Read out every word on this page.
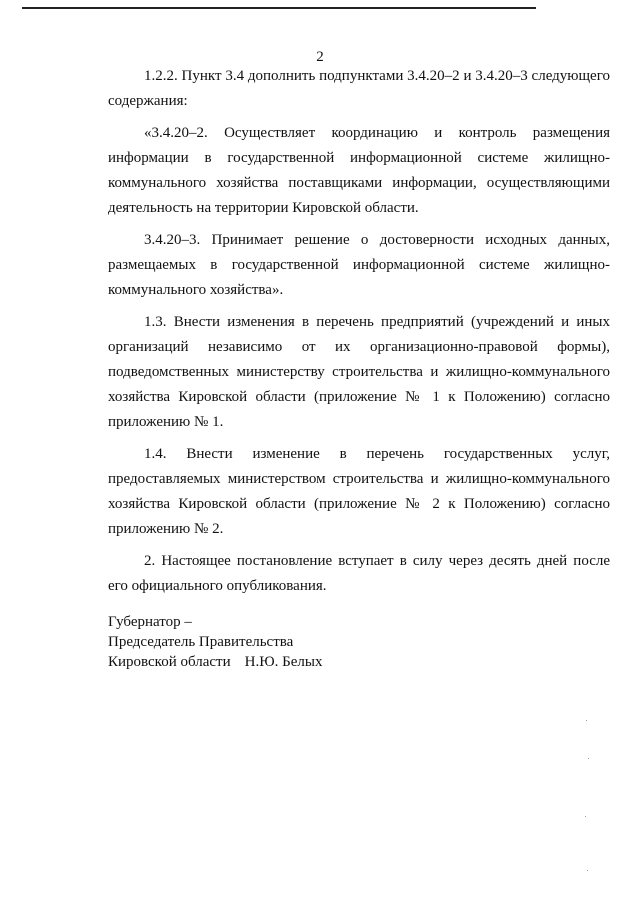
2

1.2.2. Пункт 3.4 дополнить подпунктами 3.4.20–2 и 3.4.20–3 следующего содержания:

«3.4.20–2. Осуществляет координацию и контроль размещения информации в государственной информационной системе жилищно-коммунального хозяйства поставщиками информации, осуществляющими деятельность на территории Кировской области.

3.4.20–3. Принимает решение о достоверности исходных данных, размещаемых в государственной информационной системе жилищно-коммунального хозяйства».

1.3. Внести изменения в перечень предприятий (учреждений и иных организаций независимо от их организационно-правовой формы), подведомственных министерству строительства и жилищно-коммунального хозяйства Кировской области (приложение № 1 к Положению) согласно приложению № 1.

1.4. Внести изменение в перечень государственных услуг, предоставляемых министерством строительства и жилищно-коммунального хозяйства Кировской области (приложение № 2 к Положению) согласно приложению № 2.

2. Настоящее постановление вступает в силу через десять дней после его официального опубликования.

Губернатор –
Председатель Правительства
Кировской области Н.Ю. Белых
